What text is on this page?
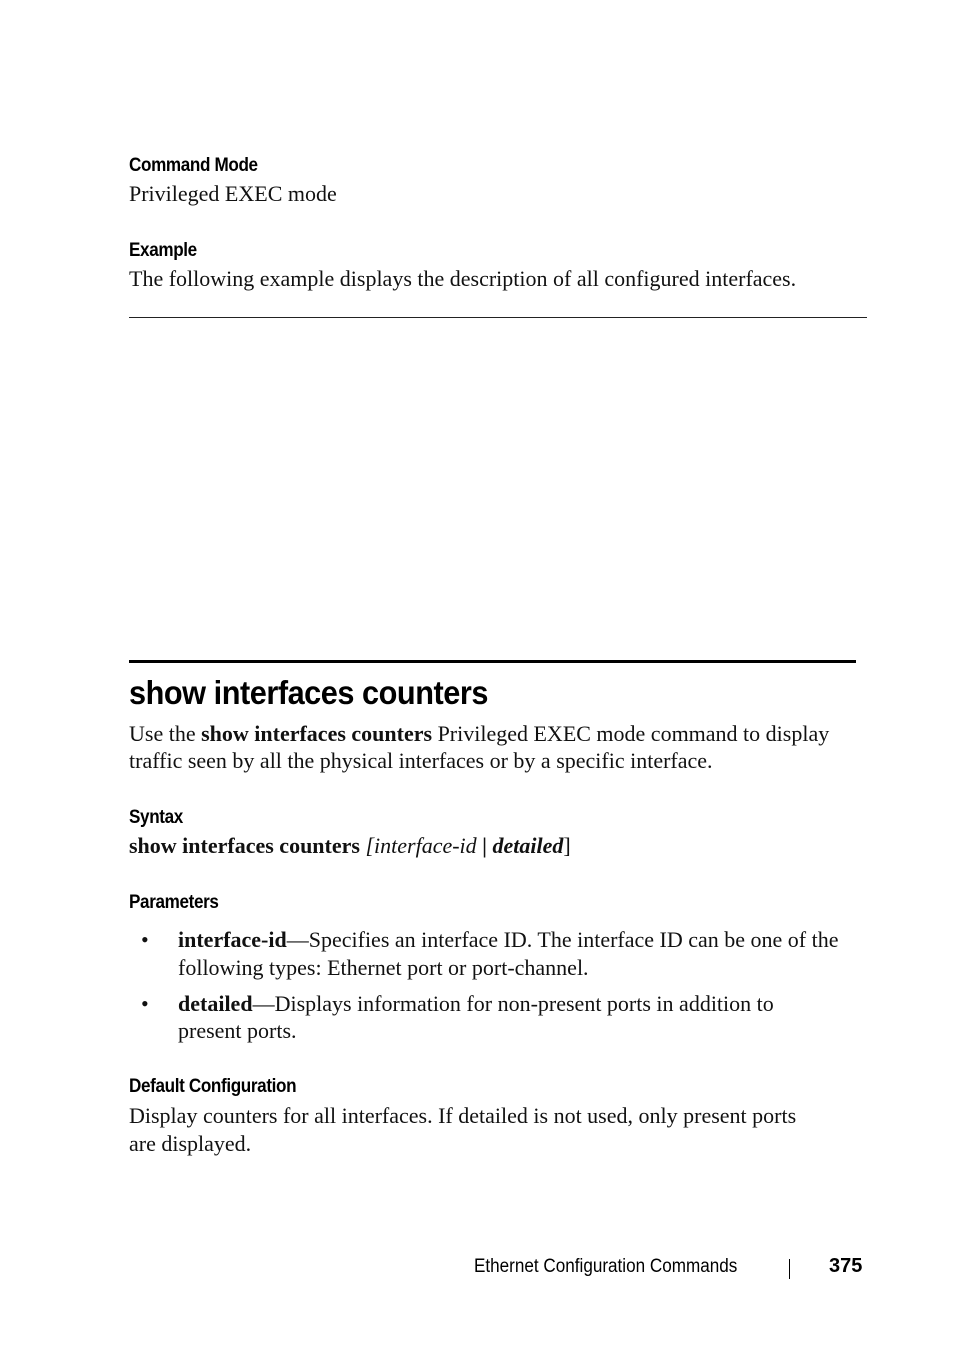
Command Mode
Privileged EXEC mode
Example
The following example displays the description of all configured interfaces.
show interfaces counters
Use the show interfaces counters Privileged EXEC mode command to display
traffic seen by all the physical interfaces or by a specific interface.
Syntax
show interfaces counters [interface-id | detailed]
Parameters
• interface-id—Specifies an interface ID. The interface ID can be one of the
following types: Ethernet port or port-channel.
• detailed—Displays information for non-present ports in addition to
present ports.
Default Configuration
Display counters for all interfaces. If detailed is not used, only present ports
are displayed.
Ethernet Configuration Commands	375
